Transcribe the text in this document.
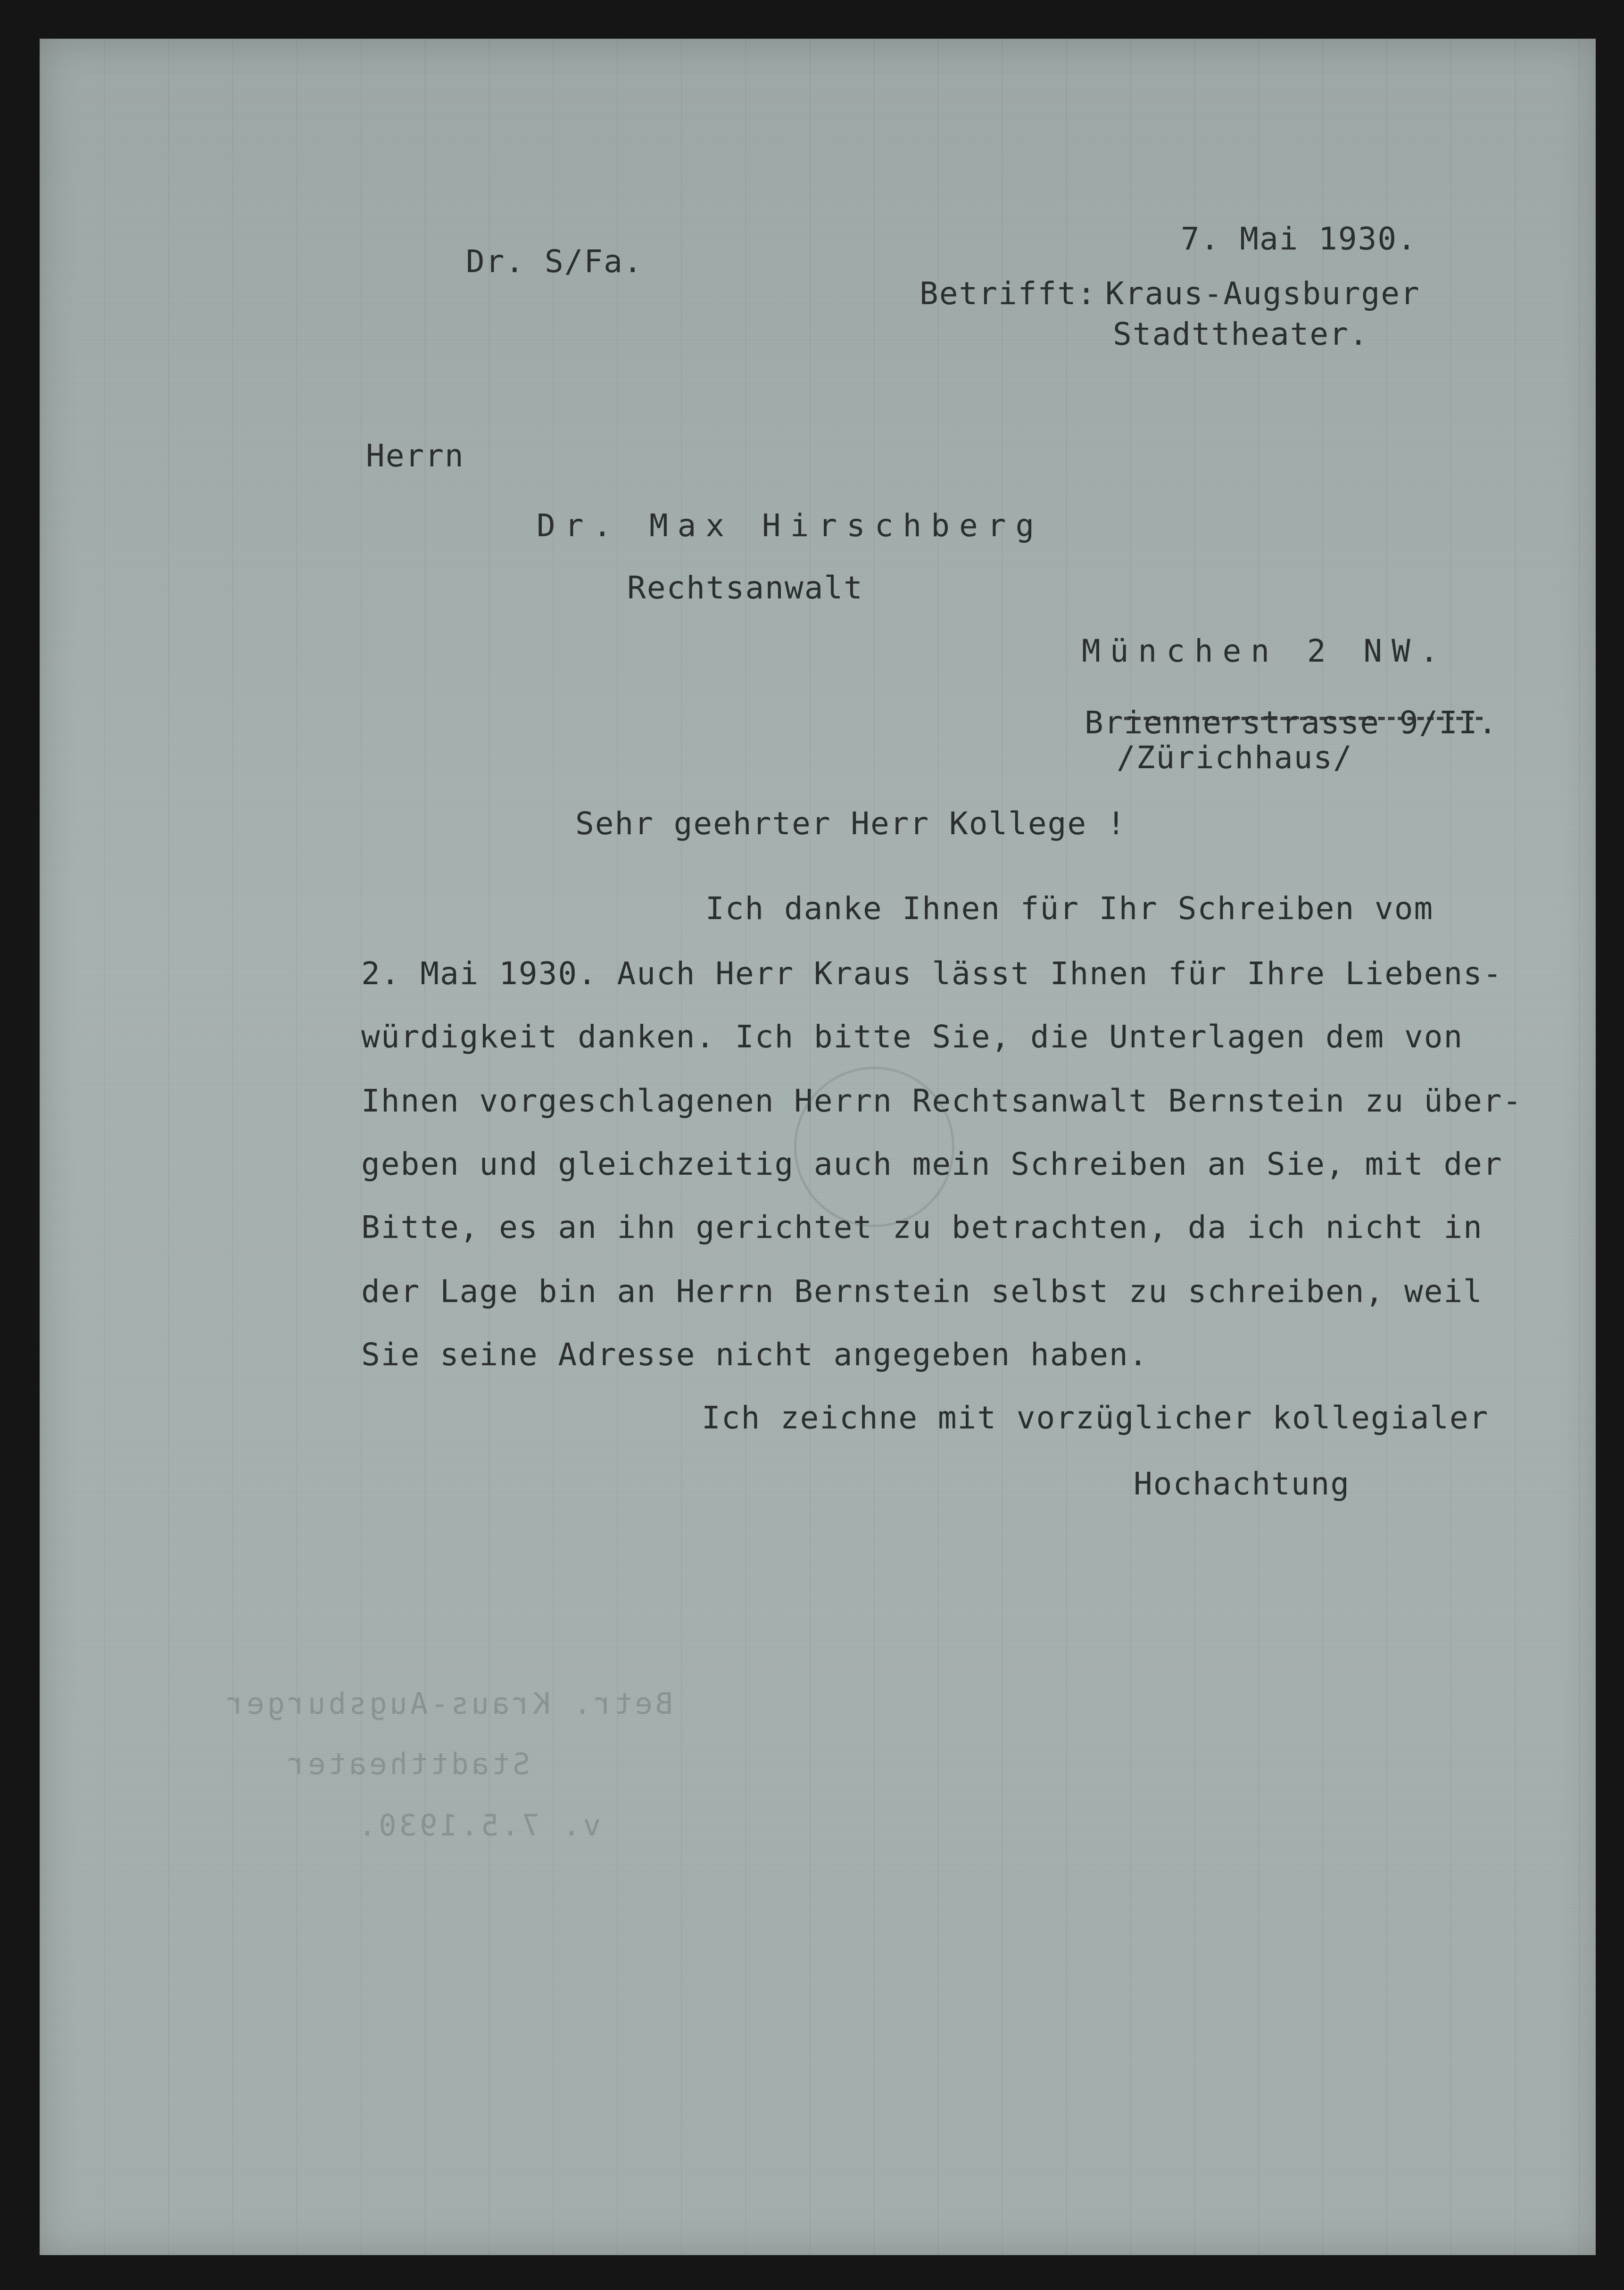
Dr. S/Fa.
7. Mai 1930.
Betrifft: Kraus-Augsburger
Stadttheater.
Herrn
Dr. Max Hirschberg
Rechtsanwalt
München 2 NW.
Briennerstrasse 9/II.
/Zürichhaus/
Sehr geehrter Herr Kollege !
Ich danke Ihnen für Ihr Schreiben vom
2. Mai 1930. Auch Herr Kraus lässt Ihnen für Ihre Liebens-
würdigkeit danken. Ich bitte Sie, die Unterlagen dem von
Ihnen vorgeschlagenen Herrn Rechtsanwalt Bernstein zu über-
geben und gleichzeitig auch mein Schreiben an Sie, mit der
Bitte, es an ihn gerichtet zu betrachten, da ich nicht in
der Lage bin an Herrn Bernstein selbst zu schreiben, weil
Sie seine Adresse nicht angegeben haben.
Ich zeichne mit vorzüglicher kollegialer
Hochachtung
Betr. Kraus-Augsburger
Stadttheater
v. 7.5.1930.
